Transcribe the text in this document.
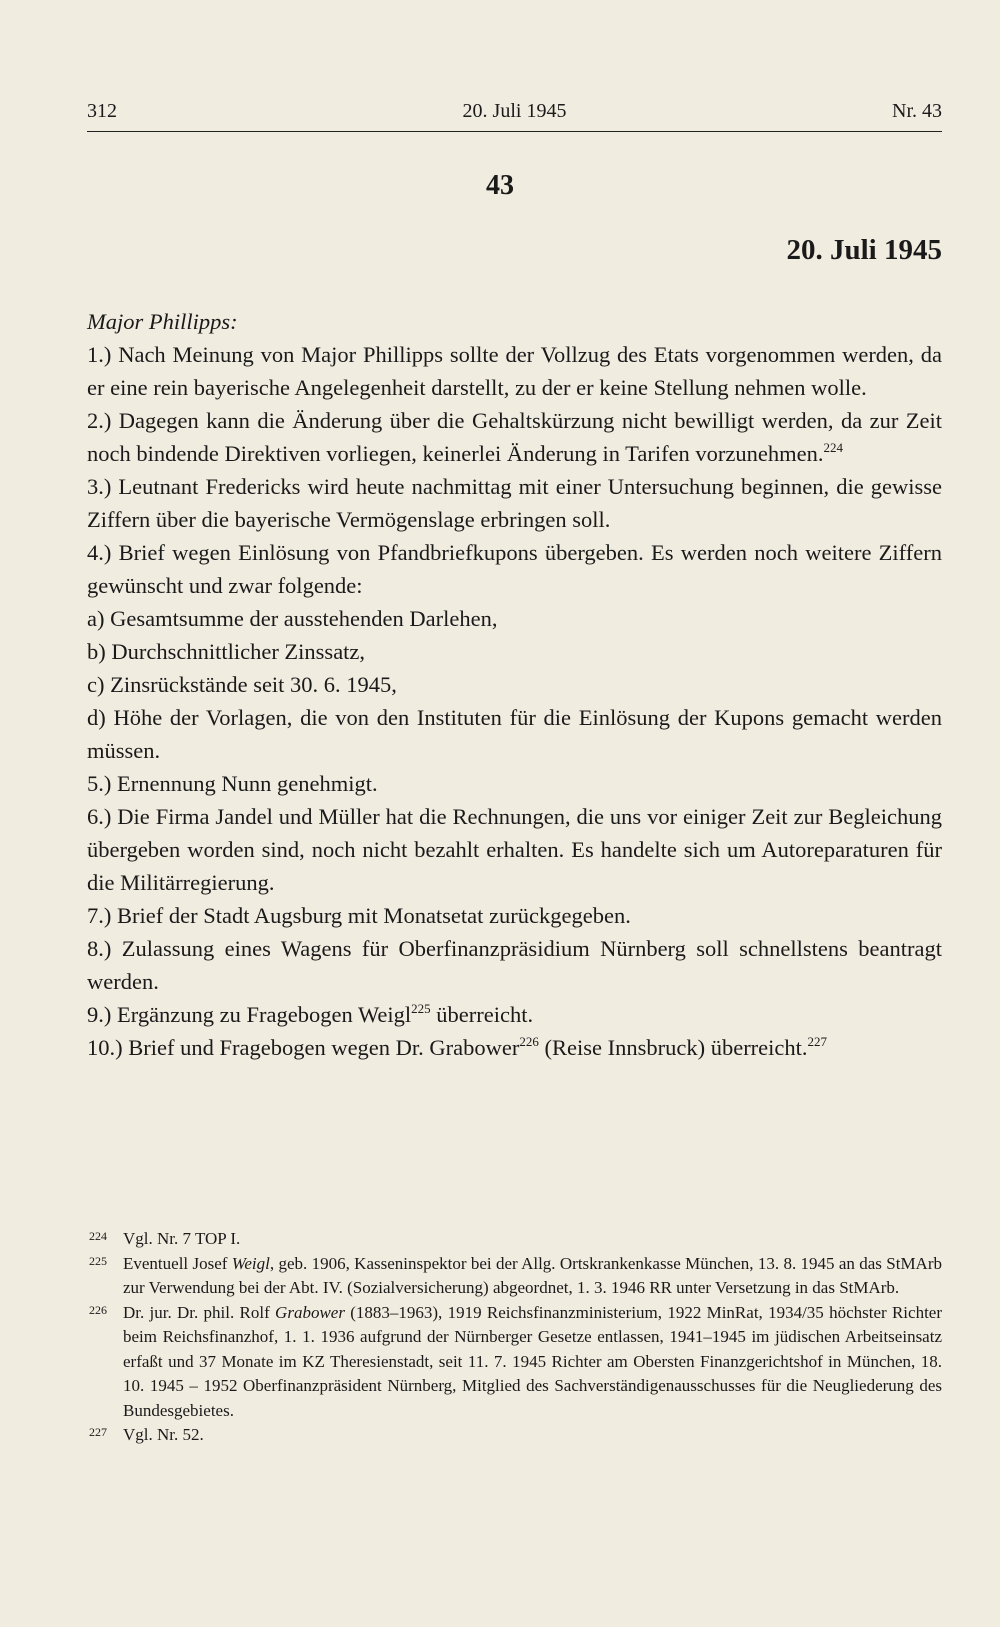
312	20. Juli 1945	Nr. 43
43
20. Juli 1945

Major Phillipps:

1.) Nach Meinung von Major Phillipps sollte der Vollzug des Etats vorgenommen werden, da er eine rein bayerische Angelegenheit darstellt, zu der er keine Stellung nehmen wolle.

2.) Dagegen kann die Änderung über die Gehaltskürzung nicht bewilligt werden, da zur Zeit noch bindende Direktiven vorliegen, keinerlei Änderung in Tarifen vorzunehmen.$^{224}$

3.) Leutnant Fredericks wird heute nachmittag mit einer Untersuchung beginnen, die gewisse Ziffern über die bayerische Vermögenslage erbringen soll.

4.) Brief wegen Einlösung von Pfandbriefkupons übergeben. Es werden noch weitere Ziffern gewünscht und zwar folgende:

a) Gesamtsumme der ausstehenden Darlehen,

b) Durchschnittlicher Zinssatz,

c) Zinsrückstände seit 30. 6. 1945,

d) Höhe der Vorlagen, die von den Instituten für die Einlösung der Kupons gemacht werden müssen.

5.) Ernennung Nunn genehmigt.

6.) Die Firma Jandel und Müller hat die Rechnungen, die uns vor einiger Zeit zur Begleichung übergeben worden sind, noch nicht bezahlt erhalten. Es handelte sich um Autoreparaturen für die Militärregierung.

7.) Brief der Stadt Augsburg mit Monatsetat zurückgegeben.

8.) Zulassung eines Wagens für Oberfinanzpräsidium Nürnberg soll schnellstens beantragt werden.

9.) Ergänzung zu Fragebogen Weigl$^{225}$ überreicht.

10.) Brief und Fragebogen wegen Dr. Grabower$^{226}$ (Reise Innsbruck) überreicht.$^{227}$

224 Vgl. Nr. 7 TOP I.

225 Eventuell Josef Weigl, geb. 1906, Kasseninspektor bei der Allg. Ortskrankenkasse München, 13. 8. 1945 an das StMArb zur Verwendung bei der Abt. IV. (Sozialversicherung) abgeordnet, 1. 3. 1946 RR unter Versetzung in das StMArb.

226 Dr. jur. Dr. phil. Rolf Grabower (1883–1963), 1919 Reichsfinanzministerium, 1922 MinRat, 1934/35 höchster Richter beim Reichsfinanzhof, 1. 1. 1936 aufgrund der Nürnberger Gesetze entlassen, 1941–1945 im jüdischen Arbeitseinsatz erfaßt und 37 Monate im KZ Theresienstadt, seit 11. 7. 1945 Richter am Obersten Finanzgerichtshof in München, 18. 10. 1945 – 1952 Oberfinanzpräsident Nürnberg, Mitglied des Sachverständigenausschusses für die Neugliederung des Bundesgebietes.

227 Vgl. Nr. 52.
